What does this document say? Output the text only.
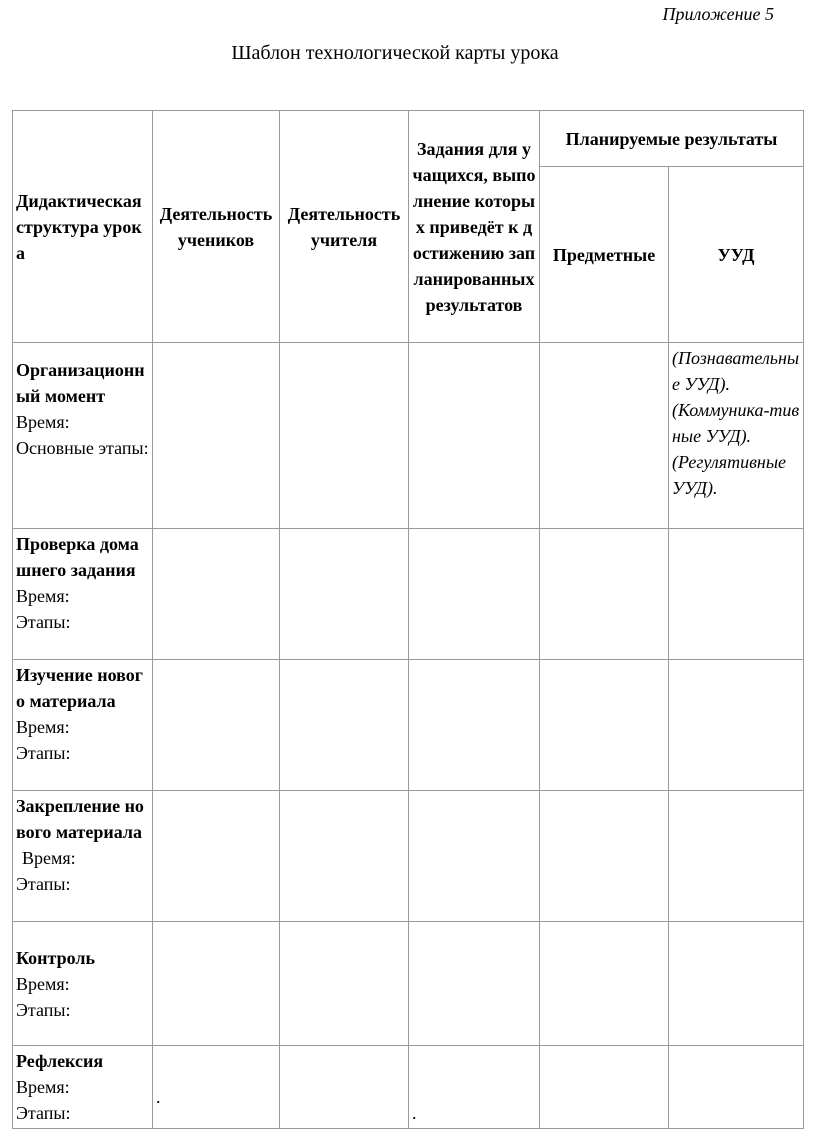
Приложение 5
Шаблон технологической карты урока
Дидактическая структура урока	Деятельность учеников	Деятельность учителя	Задания для учащихся, выполнение которых приведёт к достижению запланированных результатов	Планируемые результаты	
				Предметные	УУД

Организационный момент
Время:
Основные этапы:					(Познавательные УУД).
(Коммуника-тивные УУД).
(Регулятивные УУД).

Проверка домашнего задания
Время:
Этапы:					

Изучение нового материала
Время:
Этапы:					

Закрепление нового материала
Время:
Этапы:					

Контроль
Время:
Этапы:					

Рефлексия
Время:
Этапы:	.		.		
